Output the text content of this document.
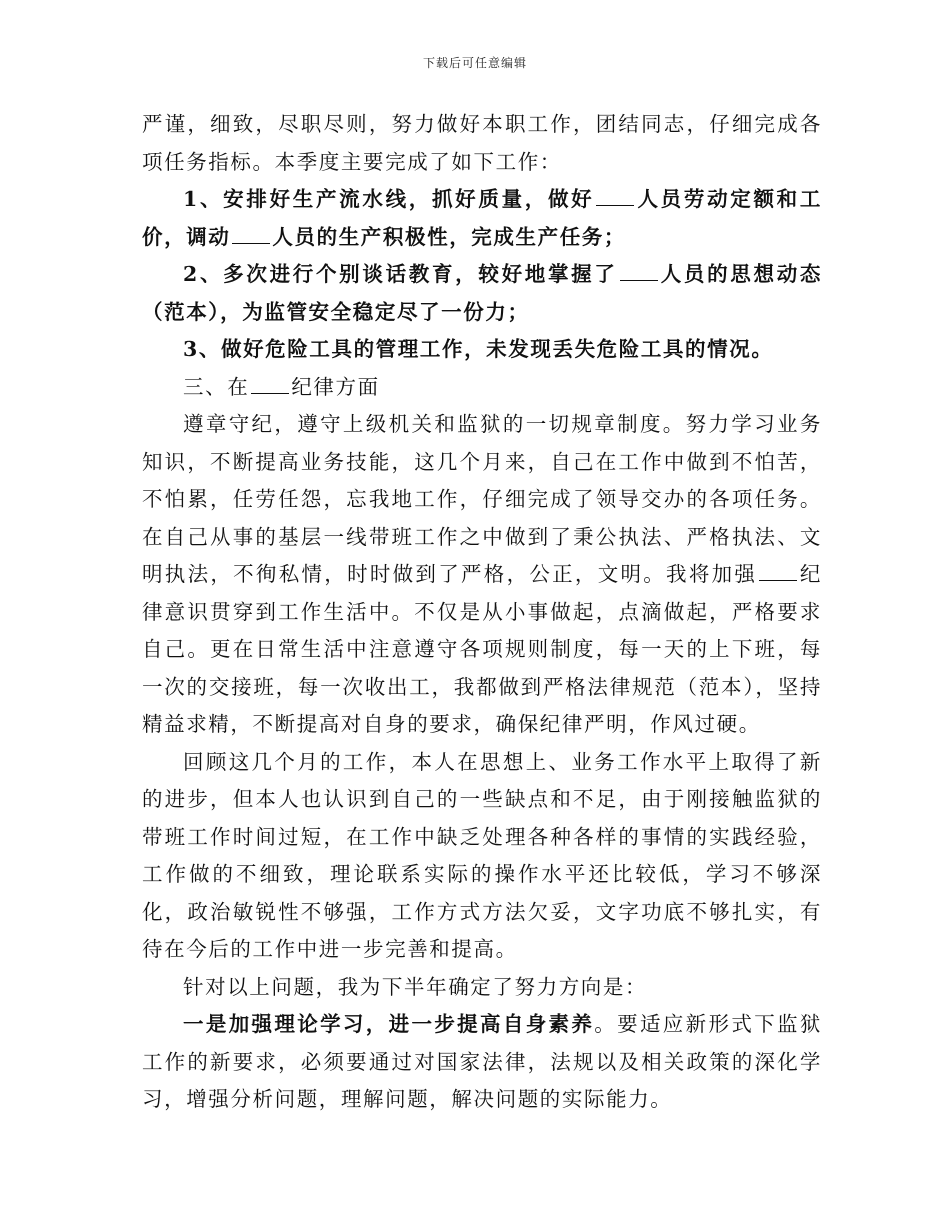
下载后可任意编辑

严谨，细致，尽职尽则，努力做好本职工作，团结同志，仔细完成各项任务指标。本季度主要完成了如下工作：

1、安排好生产流水线，抓好质量，做好 人员劳动定额和工价，调动 人员的生产积极性，完成生产任务；

2、多次进行个别谈话教育，较好地掌握了 人员的思想动态（范本），为监管安全稳定尽了一份力；

3、做好危险工具的管理工作，未发现丢失危险工具的情况。

三、在 纪律方面

遵章守纪，遵守上级机关和监狱的一切规章制度。努力学习业务知识，不断提高业务技能，这几个月来，自己在工作中做到不怕苦，不怕累，任劳任怨，忘我地工作，仔细完成了领导交办的各项任务。在自己从事的基层一线带班工作之中做到了秉公执法、严格执法、文明执法，不徇私情，时时做到了严格，公正，文明。我将加强 纪律意识贯穿到工作生活中。不仅是从小事做起，点滴做起，严格要求自己。更在日常生活中注意遵守各项规则制度，每一天的上下班，每一次的交接班，每一次收出工，我都做到严格法律规范（范本），坚持精益求精，不断提高对自身的要求，确保纪律严明，作风过硬。

回顾这几个月的工作，本人在思想上、业务工作水平上取得了新的进步，但本人也认识到自己的一些缺点和不足，由于刚接触监狱的带班工作时间过短，在工作中缺乏处理各种各样的事情的实践经验，工作做的不细致，理论联系实际的操作水平还比较低，学习不够深化，政治敏锐性不够强，工作方式方法欠妥，文字功底不够扎实，有待在今后的工作中进一步完善和提高。

针对以上问题，我为下半年确定了努力方向是：

一是加强理论学习，进一步提高自身素养。要适应新形式下监狱工作的新要求，必须要通过对国家法律，法规以及相关政策的深化学习，增强分析问题，理解问题，解决问题的实际能力。
